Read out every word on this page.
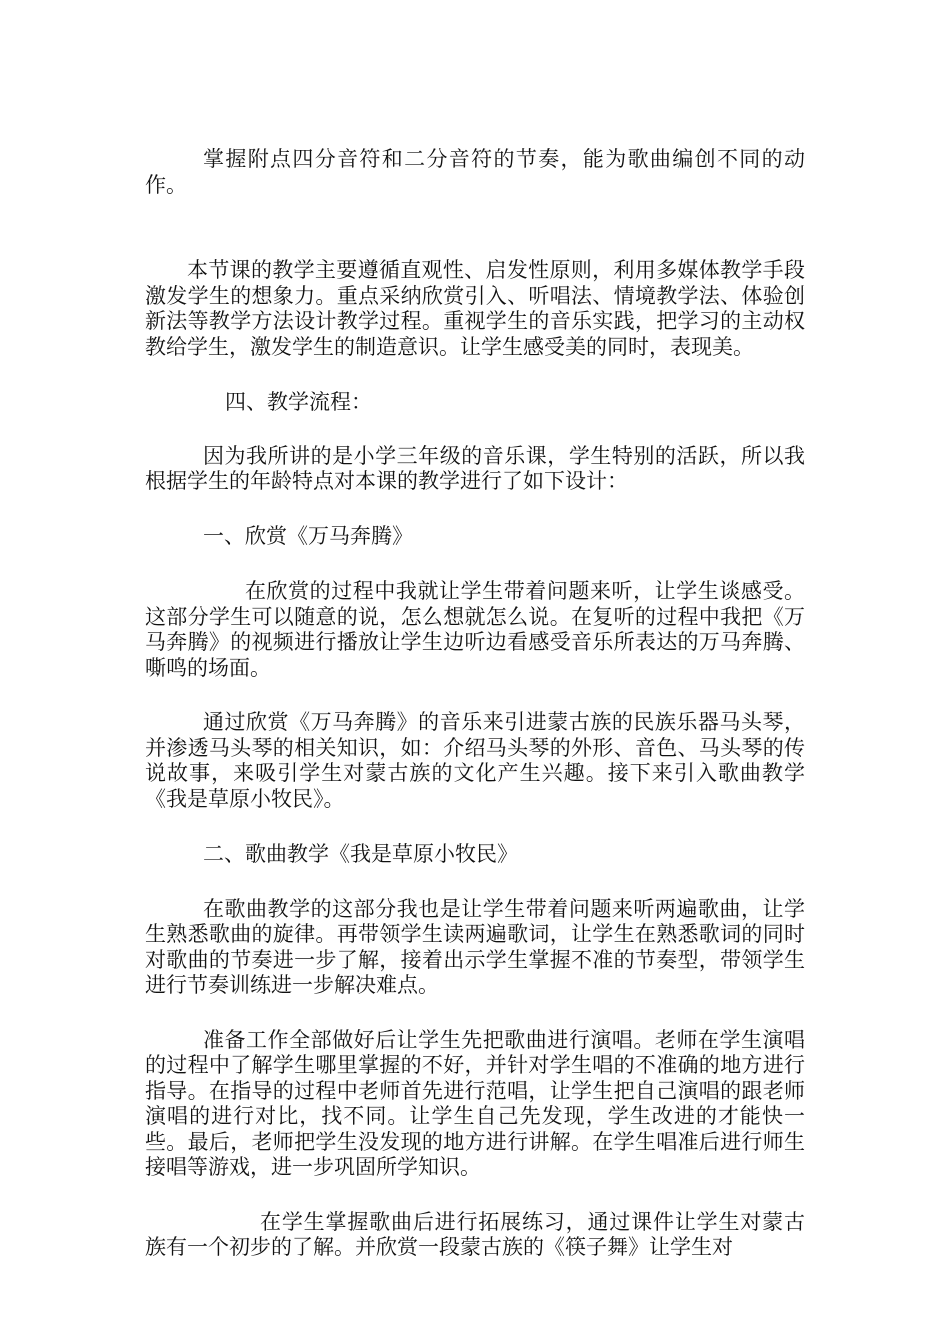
掌握附点四分音符和二分音符的节奏，能为歌曲编创不同的动作。

本节课的教学主要遵循直观性、启发性原则，利用多媒体教学手段激发学生的想象力。重点采纳欣赏引入、听唱法、情境教学法、体验创新法等教学方法设计教学过程。重视学生的音乐实践，把学习的主动权教给学生，激发学生的制造意识。让学生感受美的同时，表现美。

四、教学流程：

因为我所讲的是小学三年级的音乐课，学生特别的活跃，所以我根据学生的年龄特点对本课的教学进行了如下设计：

一、欣赏《万马奔腾》

在欣赏的过程中我就让学生带着问题来听，让学生谈感受。这部分学生可以随意的说，怎么想就怎么说。在复听的过程中我把《万马奔腾》的视频进行播放让学生边听边看感受音乐所表达的万马奔腾、嘶鸣的场面。

通过欣赏《万马奔腾》的音乐来引进蒙古族的民族乐器马头琴，并渗透马头琴的相关知识，如：介绍马头琴的外形、音色、马头琴的传说故事，来吸引学生对蒙古族的文化产生兴趣。接下来引入歌曲教学《我是草原小牧民》。

二、歌曲教学《我是草原小牧民》

在歌曲教学的这部分我也是让学生带着问题来听两遍歌曲，让学生熟悉歌曲的旋律。再带领学生读两遍歌词，让学生在熟悉歌词的同时对歌曲的节奏进一步了解，接着出示学生掌握不准的节奏型，带领学生进行节奏训练进一步解决难点。

准备工作全部做好后让学生先把歌曲进行演唱。老师在学生演唱的过程中了解学生哪里掌握的不好，并针对学生唱的不准确的地方进行指导。在指导的过程中老师首先进行范唱，让学生把自己演唱的跟老师演唱的进行对比，找不同。让学生自己先发现，学生改进的才能快一些。最后，老师把学生没发现的地方进行讲解。在学生唱准后进行师生接唱等游戏，进一步巩固所学知识。

在学生掌握歌曲后进行拓展练习，通过课件让学生对蒙古族有一个初步的了解。并欣赏一段蒙古族的《筷子舞》让学生对
